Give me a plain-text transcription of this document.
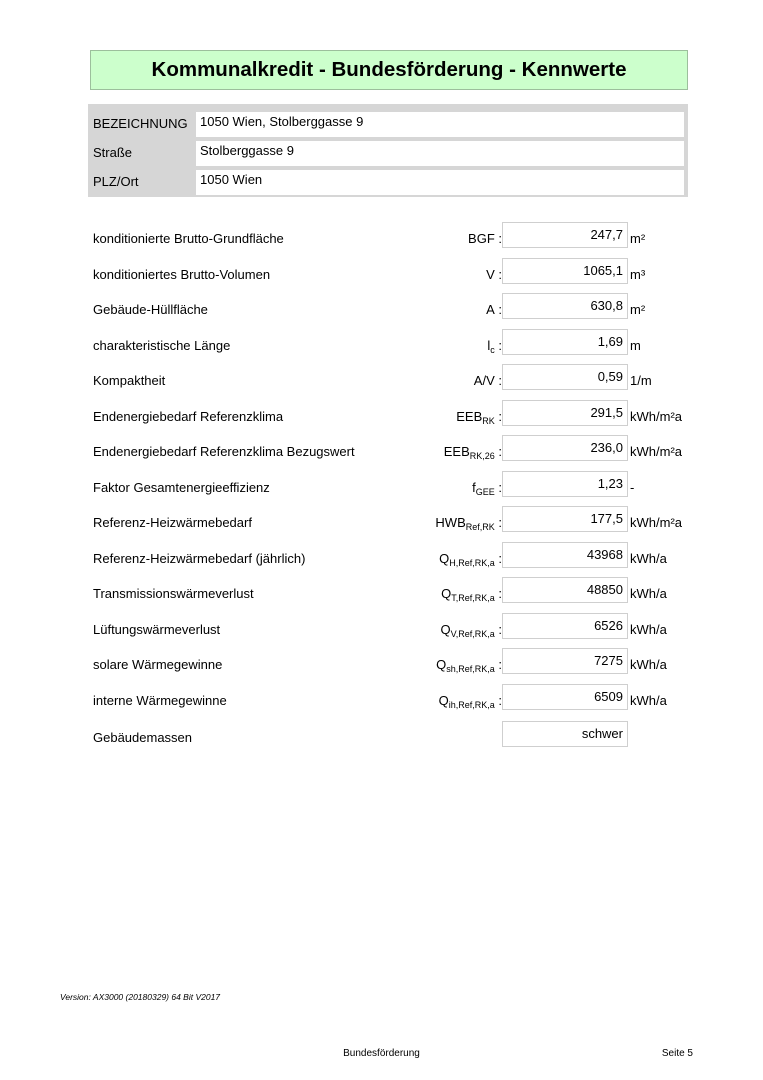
Kommunalkredit - Bundesförderung - Kennwerte
BEZEICHNUNG 1050 Wien, Stolberggasse 9
Straße	Stolberggasse 9
PLZ/Ort	1050 Wien
konditionierte Brutto-Grundfläche	BGF :	247,7 m²
konditioniertes Brutto-Volumen	V :	1065,1 m³
Gebäude-Hüllfläche	A :	630,8 m²
charakteristische Länge	$l_c$ :	1,69 m
Kompaktheit	A/V :	0,59 1/m
Endenergiebedarf Referenzklima	$EEB_{RK}$ :	291,5 kWh/m²a
Endenergiebedarf Referenzklima Bezugswert	$EEB_{RK,26}$ :	236,0 kWh/m²a
Faktor Gesamtenergieeffizienz	$f_{GEE}$ :	1,23 -
Referenz-Heizwärmebedarf	$HWB_{Ref,RK}$ :	177,5 kWh/m²a
Referenz-Heizwärmebedarf (jährlich)	$Q_{H,Ref,RK,a}$ :	43968 kWh/a
Transmissionswärmeverlust	$Q_{T,Ref,RK,a}$ :	48850 kWh/a
Lüftungswärmeverlust	$Q_{V,Ref,RK,a}$ :	6526 kWh/a
solare Wärmegewinne	$Q_{sh,Ref,RK,a}$ :	7275 kWh/a
interne Wärmegewinne	$Q_{ih,Ref,RK,a}$ :	6509 kWh/a
Gebäudemassen	schwer
Version: AX3000 (20180329) 64 Bit V2017
Bundesförderung	Seite 5
